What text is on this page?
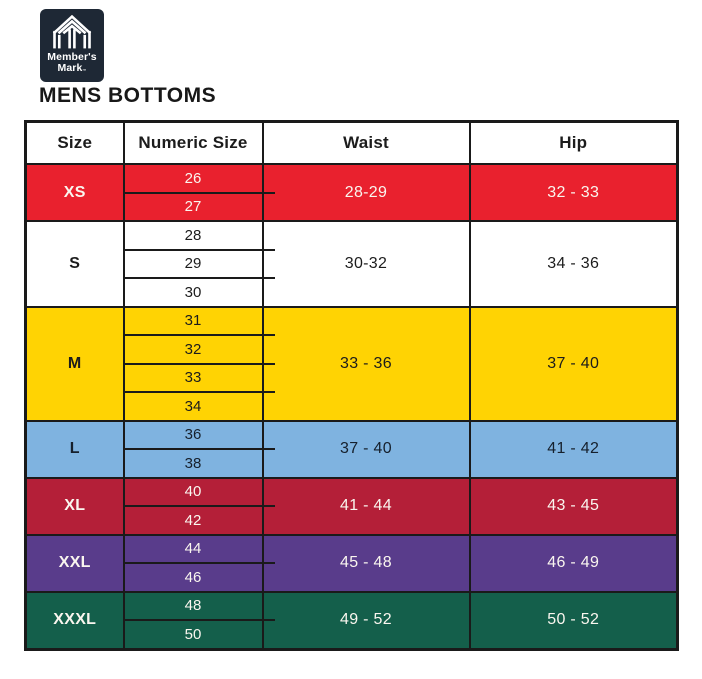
Member's
Mark™
MENS BOTTOMS
Size	Numeric Size	Waist	Hip
XS	26	28-29	32 - 33
	27		
S	28	30-32	34 - 36
	29		
	30		
M	31	33 - 36	37 - 40
	32		
	33		
	34		
L	36	37 - 40	41 - 42
	38		
XL	40	41 - 44	43 - 45
	42		
XXL	44	45 - 48	46 - 49
	46		
XXXL	48	49 - 52	50 - 52
	50		
